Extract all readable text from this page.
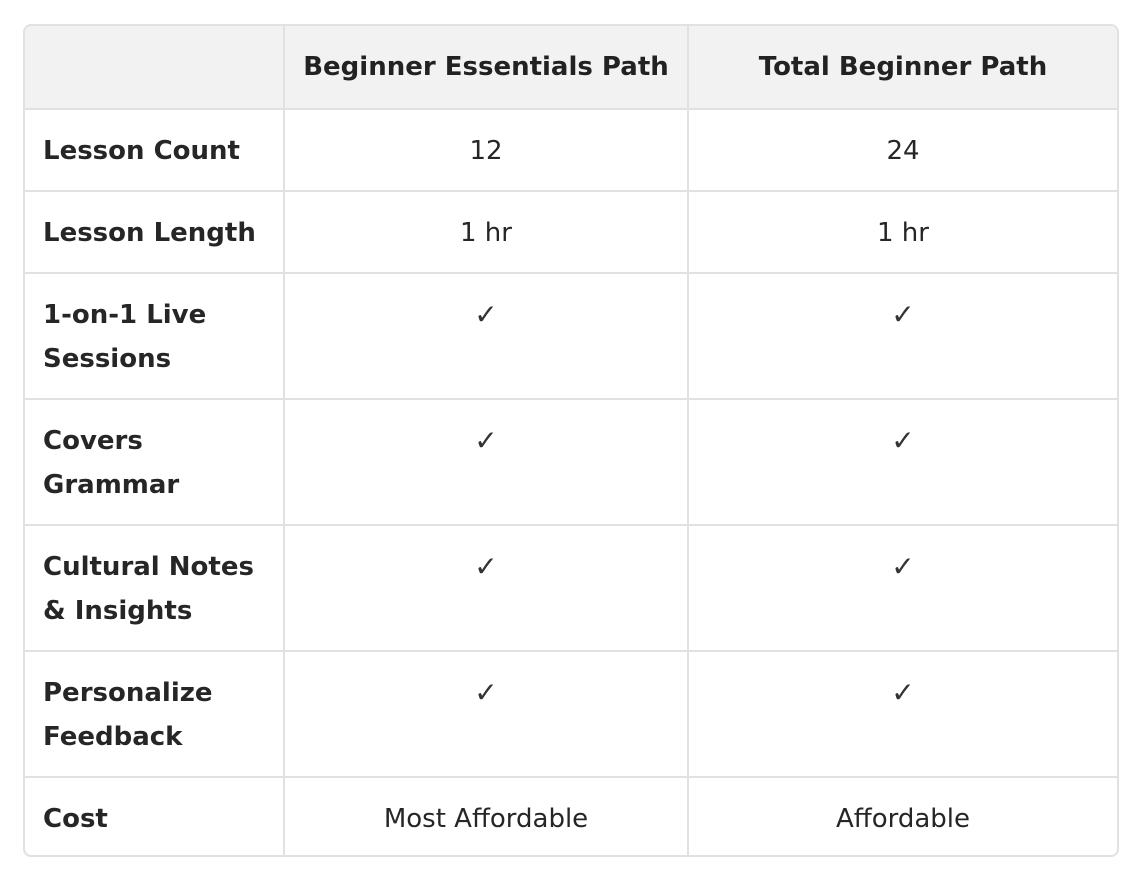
	Beginner Essentials Path	Total Beginner Path
Lesson Count	12	24
Lesson Length	1 hr	1 hr
1-on-1 Live Sessions	✓	✓
Covers Grammar	✓	✓
Cultural Notes & Insights	✓	✓
Personalize Feedback	✓	✓
Cost	Most Affordable	Affordable
